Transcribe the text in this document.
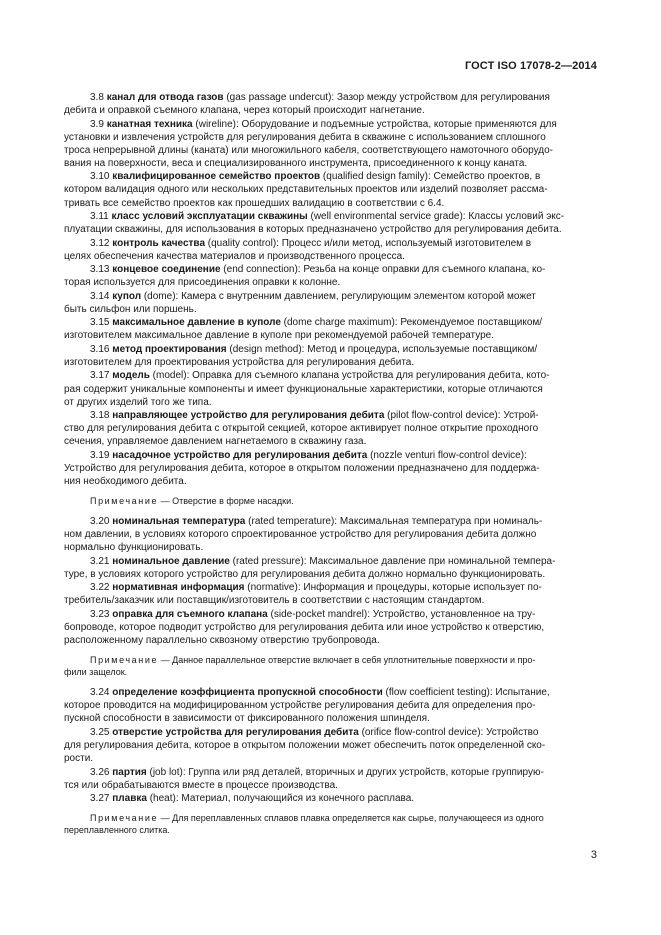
ГОСТ ISO 17078-2—2014
3.8 канал для отвода газов (gas passage undercut): Зазор между устройством для регулирования
дебита и оправкой съемного клапана, через который происходит нагнетание.
3.9 канатная техника (wireline): Оборудование и подъемные устройства, которые применяются для
установки и извлечения устройств для регулирования дебита в скважине с использованием сплошного
троса непрерывной длины (каната) или многожильного кабеля, соответствующего намоточного оборудо-
вания на поверхности, веса и специализированного инструмента, присоединенного к концу каната.
3.10 квалифицированное семейство проектов (qualified design family): Семейство проектов, в
котором валидация одного или нескольких представительных проектов или изделий позволяет рассма-
тривать все семейство проектов как прошедших валидацию в соответствии с 6.4.
3.11 класс условий эксплуатации скважины (well environmental service grade): Классы условий экс-
плуатации скважины, для использования в которых предназначено устройство для регулирования дебита.
3.12 контроль качества (quality control): Процесс и/или метод, используемый изготовителем в
целях обеспечения качества материалов и производственного процесса.
3.13 концевое соединение (end connection): Резьба на конце оправки для съемного клапана, ко-
торая используется для присоединения оправки к колонне.
3.14 купол (dome): Камера с внутренним давлением, регулирующим элементом которой может
быть сильфон или поршень.
3.15 максимальное давление в куполе (dome charge maximum): Рекомендуемое поставщиком/
изготовителем максимальное давление в куполе при рекомендуемой рабочей температуре.
3.16 метод проектирования (design method): Метод и процедура, используемые поставщиком/
изготовителем для проектирования устройства для регулирования дебита.
3.17 модель (model): Оправка для съемного клапана устройства для регулирования дебита, кото-
рая содержит уникальные компоненты и имеет функциональные характеристики, которые отличаются
от других изделий того же типа.
3.18 направляющее устройство для регулирования дебита (pilot flow-control device): Устрой-
ство для регулирования дебита с открытой секцией, которое активирует полное открытие проходного
сечения, управляемое давлением нагнетаемого в скважину газа.
3.19 насадочное устройство для регулирования дебита (nozzle venturi flow-control device):
Устройство для регулирования дебита, которое в открытом положении предназначено для поддержа-
ния необходимого дебита.
Примечание — Отверстие в форме насадки.
3.20 номинальная температура (rated temperature): Максимальная температура при номиналь-
ном давлении, в условиях которого спроектированное устройство для регулирования дебита должно
нормально функционировать.
3.21 номинальное давление (rated pressure): Максимальное давление при номинальной темпера-
туре, в условиях которого устройство для регулирования дебита должно нормально функционировать.
3.22 нормативная информация (normative): Информация и процедуры, которые использует по-
требитель/заказчик или поставщик/изготовитель в соответствии с настоящим стандартом.
3.23 оправка для съемного клапана (side-pocket mandrel): Устройство, установленное на тру-
бопроводе, которое подводит устройство для регулирования дебита или иное устройство к отверстию,
расположенному параллельно сквозному отверстию трубопровода.
Примечание — Данное параллельное отверстие включает в себя уплотнительные поверхности и про-
фили защелок.
3.24 определение коэффициента пропускной способности (flow coefficient testing): Испытание,
которое проводится на модифицированном устройстве регулирования дебита для определения про-
пускной способности в зависимости от фиксированного положения шпинделя.
3.25 отверстие устройства для регулирования дебита (orifice flow-control device): Устройство
для регулирования дебита, которое в открытом положении может обеспечить поток определенной ско-
рости.
3.26 партия (job lot): Группа или ряд деталей, вторичных и других устройств, которые группирую-
тся или обрабатываются вместе в процессе производства.
3.27 плавка (heat): Материал, получающийся из конечного расплава.
Примечание — Для переплавленных сплавов плавка определяется как сырье, получающееся из одного
переплавленного слитка.
3
